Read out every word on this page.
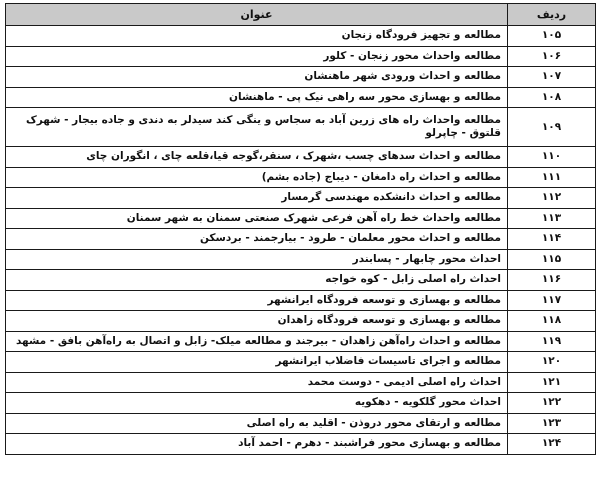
ردیف	عنوان
۱۰۵	مطالعه و تجهیز فرودگاه زنجان
۱۰۶	مطالعه واحداث محور زنجان - کلور
۱۰۷	مطالعه و احداث ورودی شهر ماهنشان
۱۰۸	مطالعه و بهسازی محور سه راهی نیک پی - ماهنشان
۱۰۹	مطالعه واحداث راه های زرین آباد به سجاس و ینگی کند سیدلر به دندی و جاده بیجار - شهرک قلتوق - چاپرلو
۱۱۰	مطالعه و احداث سدهای چسب ،شهرک ، سنقر،گوجه قیا،قلعه چای ، انگوران چای
۱۱۱	مطالعه و احداث راه دامغان - دیباج (جاده بشم)
۱۱۲	مطالعه و احداث دانشکده مهندسی گرمسار
۱۱۳	مطالعه واحداث خط راه آهن فرعی شهرک صنعتی سمنان به شهر سمنان
۱۱۴	مطالعه و احداث محور معلمان - طرود - بیارجمند - بردسکن
۱۱۵	احداث محور چابهار - پسابندر
۱۱۶	احداث راه اصلی زابل - کوه خواجه
۱۱۷	مطالعه و بهسازی و توسعه فرودگاه ایرانشهر
۱۱۸	مطالعه و بهسازی و توسعه فرودگاه زاهدان
۱۱۹	مطالعه و احداث راه‌آهن زاهدان - بیرجند و مطالعه میلک- زابل و اتصال به راه‌آهن بافق - مشهد
۱۲۰	مطالعه و اجرای تاسیسات فاضلاب ایرانشهر
۱۲۱	احداث راه اصلی ادیمی - دوست محمد
۱۲۲	احداث محور گلکویه - دهکویه
۱۲۳	مطالعه و ارتقای محور دروذن - اقلید به راه اصلی
۱۲۴	مطالعه و بهسازی محور فراشبند - دهرم - احمد آباد
